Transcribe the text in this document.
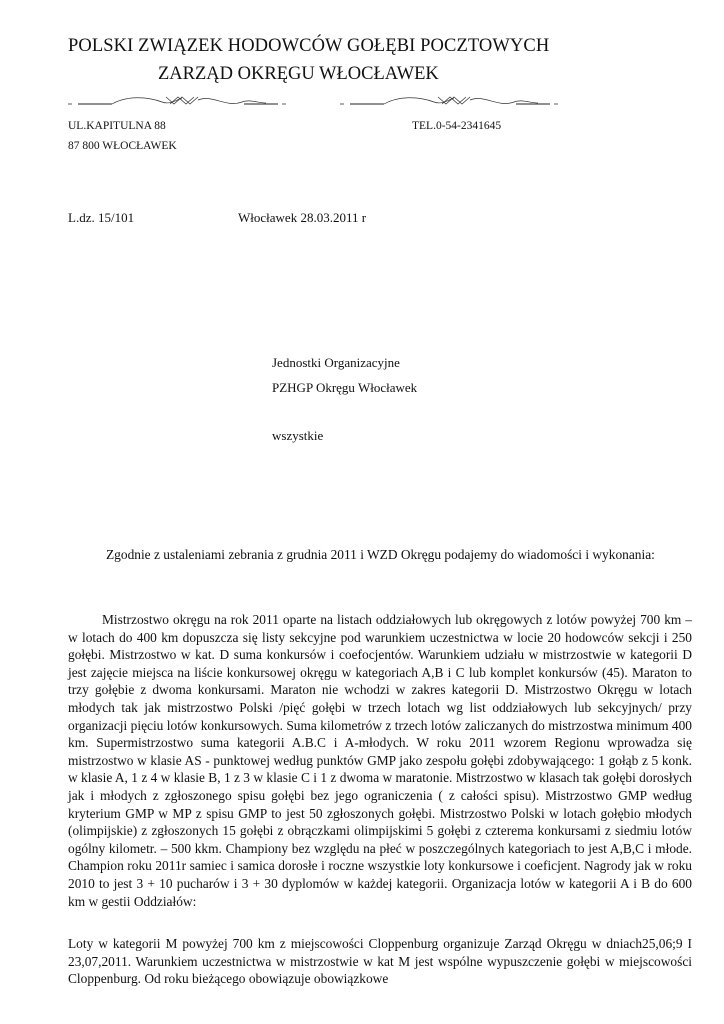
POLSKI ZWIĄZEK HODOWCÓW GOŁĘBI POCZTOWYCH
ZARZĄD OKRĘGU WŁOCŁAWEK
UL.KAPITULNA 88	TEL.0-54-2341645
87 800 WŁOCŁAWEK
L.dz. 15/101	Włocławek 28.03.2011 r
Jednostki Organizacyjne
PZHGP Okręgu Włocławek
wszystkie

Zgodnie z ustaleniami zebrania z grudnia 2011 i WZD Okręgu podajemy do wiadomości i wykonania:

Mistrzostwo okręgu na rok 2011 oparte na listach oddziałowych lub okręgowych z lotów powyżej 700 km – w lotach do 400 km dopuszcza się listy sekcyjne pod warunkiem uczestnictwa w locie 20 hodowców sekcji i 250 gołębi. Mistrzostwo w kat. D suma konkursów i coefocjentów. Warunkiem udziału w mistrzostwie w kategorii D jest zajęcie miejsca na liście konkursowej okręgu w kategoriach A,B i C lub komplet konkursów (45). Maraton to trzy gołębie z dwoma konkursami. Maraton nie wchodzi w zakres kategorii D. Mistrzostwo Okręgu w lotach młodych tak jak mistrzostwo Polski /pięć gołębi w trzech lotach wg list oddziałowych lub sekcyjnych/ przy organizacji pięciu lotów konkursowych. Suma kilometrów z trzech lotów zaliczanych do mistrzostwa minimum 400 km. Supermistrzostwo suma kategorii A.B.C i A-młodych. W roku 2011 wzorem Regionu wprowadza się mistrzostwo w klasie AS - punktowej według punktów GMP jako zespołu gołębi zdobywającego: 1 gołąb z 5 konk. w klasie A, 1 z 4 w klasie B, 1 z 3 w klasie C i 1 z dwoma w maratonie. Mistrzostwo w klasach tak gołębi dorosłych jak i młodych z zgłoszonego spisu gołębi bez jego ograniczenia ( z całości spisu). Mistrzostwo GMP według kryterium GMP w MP z spisu GMP to jest 50 zgłoszonych gołębi. Mistrzostwo Polski w lotach gołębio młodych (olimpijskie) z zgłoszonych 15 gołębi z obrączkami olimpijskimi 5 gołębi z czterema konkursami z siedmiu lotów ogólny kilometr. – 500 kkm. Championy bez względu na płeć w poszczególnych kategoriach to jest A,B,C i młode. Champion roku 2011r samiec i samica dorosłe i roczne wszystkie loty konkursowe i coeficjent. Nagrody jak w roku 2010 to jest 3 + 10 pucharów i 3 + 30 dyplomów w każdej kategorii. Organizacja lotów w kategorii A i B do 600 km w gestii Oddziałów:

Loty w kategorii M powyżej 700 km z miejscowości Cloppenburg organizuje Zarząd Okręgu w dniach25,06;9 I 23,07,2011. Warunkiem uczestnictwa w mistrzostwie w kat M jest wspólne wypuszczenie gołębi w miejscowości Cloppenburg. Od roku bieżącego obowiązuje obowiązkowe
